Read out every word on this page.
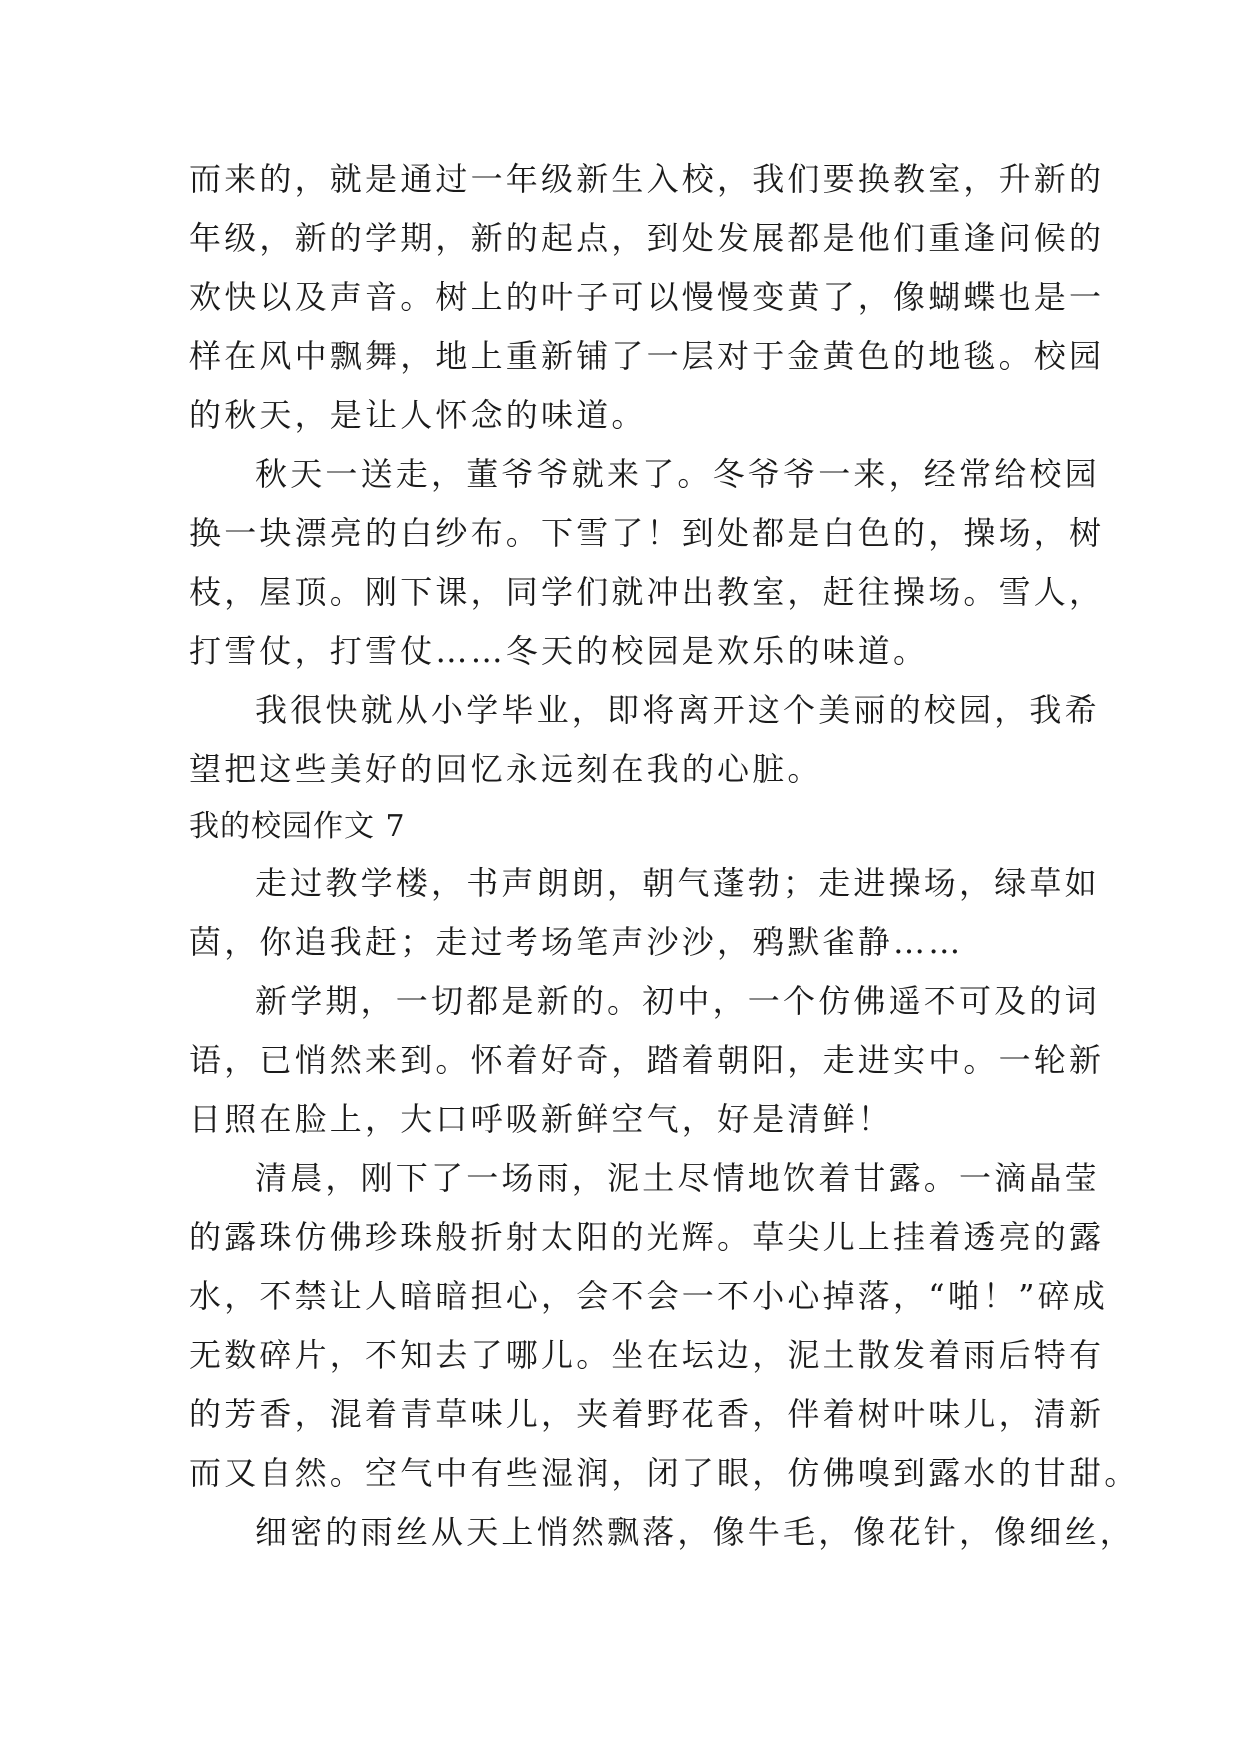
而来的，就是通过一年级新生入校，我们要换教室，升新的
年级，新的学期，新的起点，到处发展都是他们重逢问候的
欢快以及声音。树上的叶子可以慢慢变黄了，像蝴蝶也是一
样在风中飘舞，地上重新铺了一层对于金黄色的地毯。校园
的秋天，是让人怀念的味道。
秋天一送走，董爷爷就来了。冬爷爷一来，经常给校园
换一块漂亮的白纱布。下雪了！到处都是白色的，操场，树
枝，屋顶。刚下课，同学们就冲出教室，赶往操场。雪人，
打雪仗，打雪仗……冬天的校园是欢乐的味道。
我很快就从小学毕业，即将离开这个美丽的校园，我希
望把这些美好的回忆永远刻在我的心脏。
我的校园作文 7
走过教学楼，书声朗朗，朝气蓬勃；走进操场，绿草如
茵，你追我赶；走过考场笔声沙沙，鸦默雀静……
新学期，一切都是新的。初中，一个仿佛遥不可及的词
语，已悄然来到。怀着好奇，踏着朝阳，走进实中。一轮新
日照在脸上，大口呼吸新鲜空气，好是清鲜！
清晨，刚下了一场雨，泥土尽情地饮着甘露。一滴晶莹
的露珠仿佛珍珠般折射太阳的光辉。草尖儿上挂着透亮的露
水，不禁让人暗暗担心，会不会一不小心掉落，“啪！”碎成
无数碎片，不知去了哪儿。坐在坛边，泥土散发着雨后特有
的芳香，混着青草味儿，夹着野花香，伴着树叶味儿，清新
而又自然。空气中有些湿润，闭了眼，仿佛嗅到露水的甘甜。
细密的雨丝从天上悄然飘落，像牛毛，像花针，像细丝，
